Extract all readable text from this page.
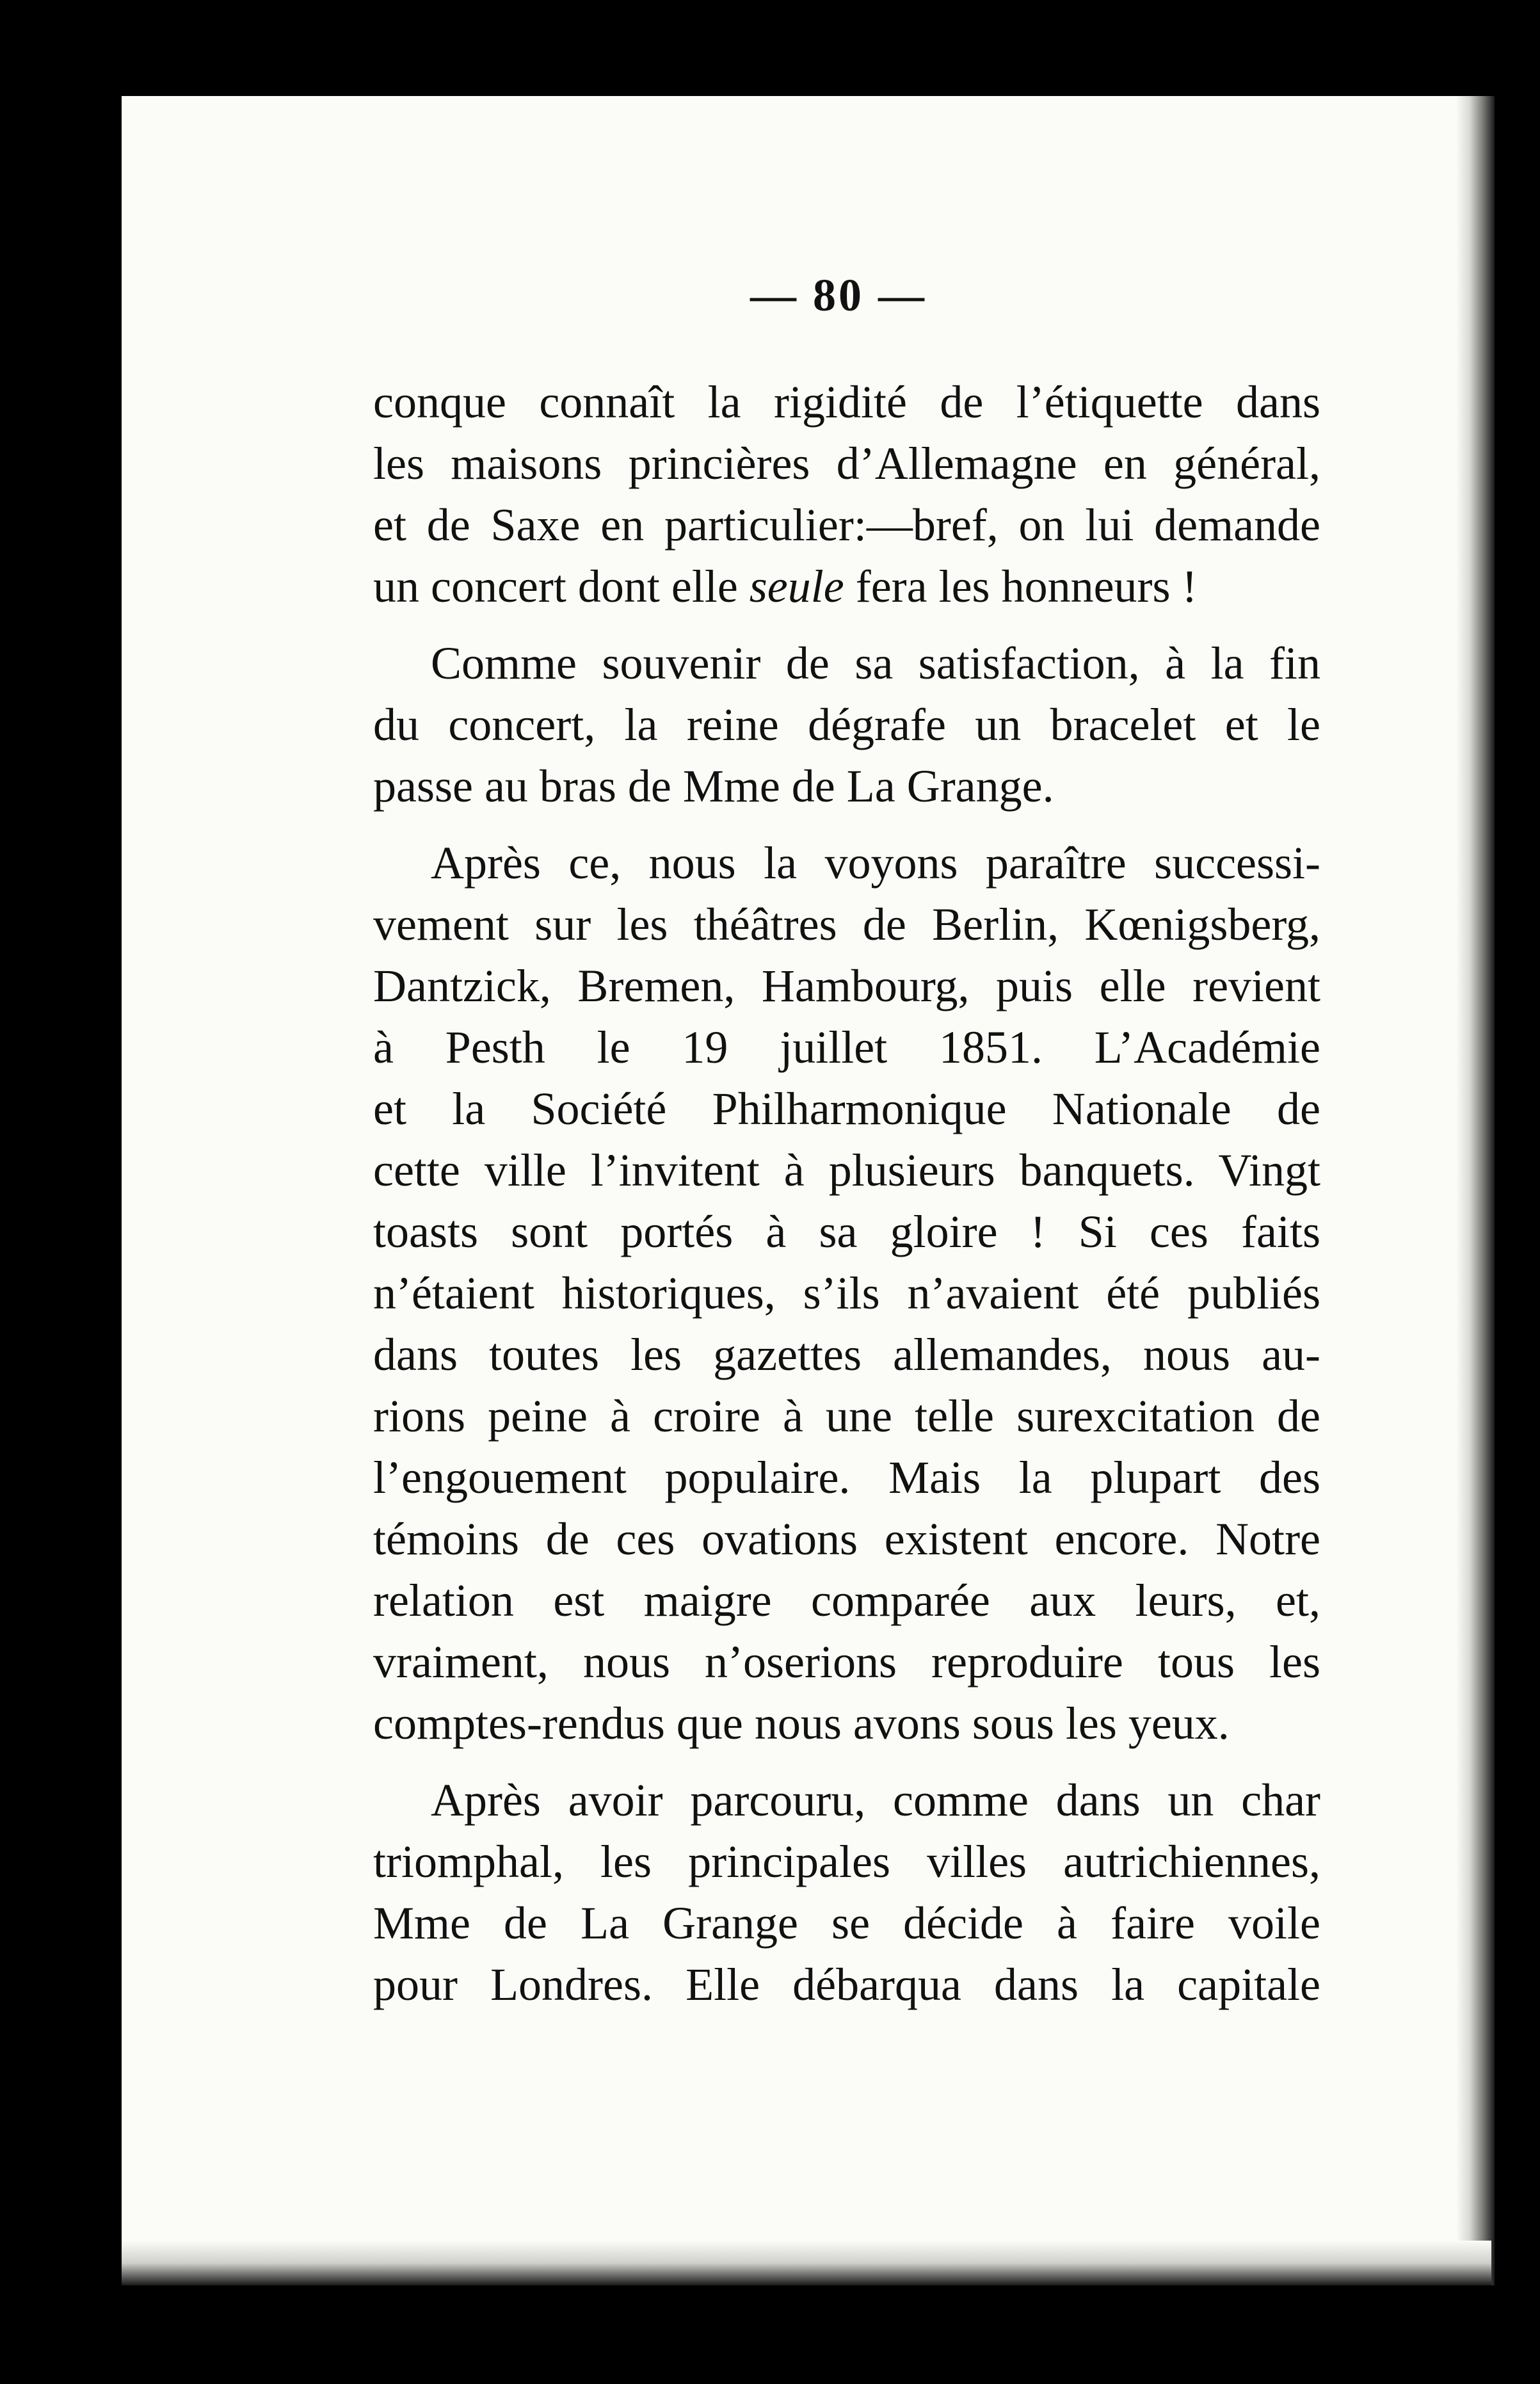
— 80 —
conque connaît la rigidité de l’étiquette dans
les maisons princières d’Allemagne en général,
et de Saxe en particulier:—bref, on lui demande
un concert dont elle seule fera les honneurs !
Comme souvenir de sa satisfaction, à la fin
du concert, la reine dégrafe un bracelet et le
passe au bras de Mme de La Grange.
Après ce, nous la voyons paraître successi-
vement sur les théâtres de Berlin, Kœnigsberg,
Dantzick, Bremen, Hambourg, puis elle revient
à Pesth le 19 juillet 1851. L’Académie
et la Société Philharmonique Nationale de
cette ville l’invitent à plusieurs banquets. Vingt
toasts sont portés à sa gloire ! Si ces faits
n’étaient historiques, s’ils n’avaient été publiés
dans toutes les gazettes allemandes, nous au-
rions peine à croire à une telle surexcitation de
l’engouement populaire. Mais la plupart des
témoins de ces ovations existent encore. Notre
relation est maigre comparée aux leurs, et,
vraiment, nous n’oserions reproduire tous les
comptes-rendus que nous avons sous les yeux.
Après avoir parcouru, comme dans un char
triomphal, les principales villes autrichiennes,
Mme de La Grange se décide à faire voile
pour Londres. Elle débarqua dans la capitale
